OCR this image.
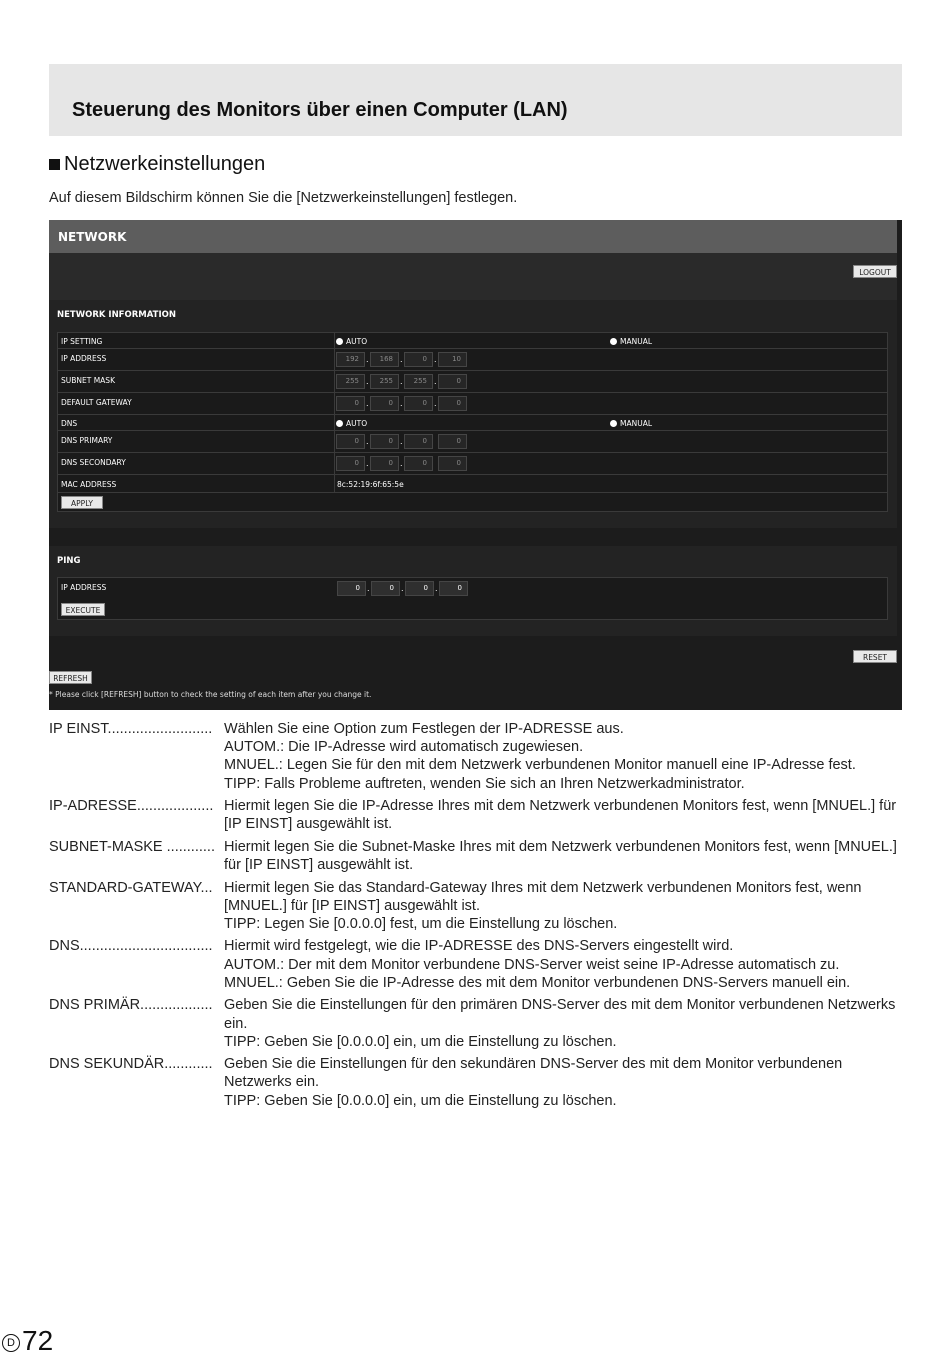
Steuerung des Monitors über einen Computer (LAN)
Netzwerkeinstellungen
Auf diesem Bildschirm können Sie die [Netzwerkeinstellungen] festlegen.
NETWORK
LOGOUT
NETWORK INFORMATION
IP SETTING	AUTO	MANUAL
IP ADDRESS	192 .	168 .	0 .	10
SUBNET MASK	255 .	255 .	255 .	0
DEFAULT GATEWAY	0 .	0 .	0 .	0
DNS	AUTO	MANUAL
DNS PRIMARY	0 .	0 .	0	0
DNS SECONDARY	0 .	0 .	0	0
MAC ADDRESS	8c:52:19:6f:65:5e
APPLY
PING
IP ADDRESS	0 .	0 .	0 .	0
EXECUTE
RESET
REFRESH
* Please click [REFRESH] button to check the setting of each item after you change it.
IP EINST.......................... Wählen Sie eine Option zum Festlegen der IP-ADRESSE aus.
AUTOM.: Die IP-Adresse wird automatisch zugewiesen.
MNUEL.: Legen Sie für den mit dem Netzwerk verbundenen Monitor manuell eine IP-Adresse fest.
TIPP: Falls Probleme auftreten, wenden Sie sich an Ihren Netzwerkadministrator.
IP-ADRESSE................... Hiermit legen Sie die IP-Adresse Ihres mit dem Netzwerk verbundenen Monitors fest, wenn [MNUEL.] für [IP EINST] ausgewählt ist.
SUBNET-MASKE ............ Hiermit legen Sie die Subnet-Maske Ihres mit dem Netzwerk verbundenen Monitors fest, wenn [MNUEL.] für [IP EINST] ausgewählt ist.
STANDARD-GATEWAY... Hiermit legen Sie das Standard-Gateway Ihres mit dem Netzwerk verbundenen Monitors fest, wenn [MNUEL.] für [IP EINST] ausgewählt ist.
TIPP: Legen Sie [0.0.0.0] fest, um die Einstellung zu löschen.
DNS................................. Hiermit wird festgelegt, wie die IP-ADRESSE des DNS-Servers eingestellt wird.
AUTOM.: Der mit dem Monitor verbundene DNS-Server weist seine IP-Adresse automatisch zu.
MNUEL.: Geben Sie die IP-Adresse des mit dem Monitor verbundenen DNS-Servers manuell ein.
DNS PRIMÄR.................. Geben Sie die Einstellungen für den primären DNS-Server des mit dem Monitor verbundenen Netzwerks ein.
TIPP: Geben Sie [0.0.0.0] ein, um die Einstellung zu löschen.
DNS SEKUNDÄR............ Geben Sie die Einstellungen für den sekundären DNS-Server des mit dem Monitor verbundenen Netzwerks ein.
TIPP: Geben Sie [0.0.0.0] ein, um die Einstellung zu löschen.
D 72
